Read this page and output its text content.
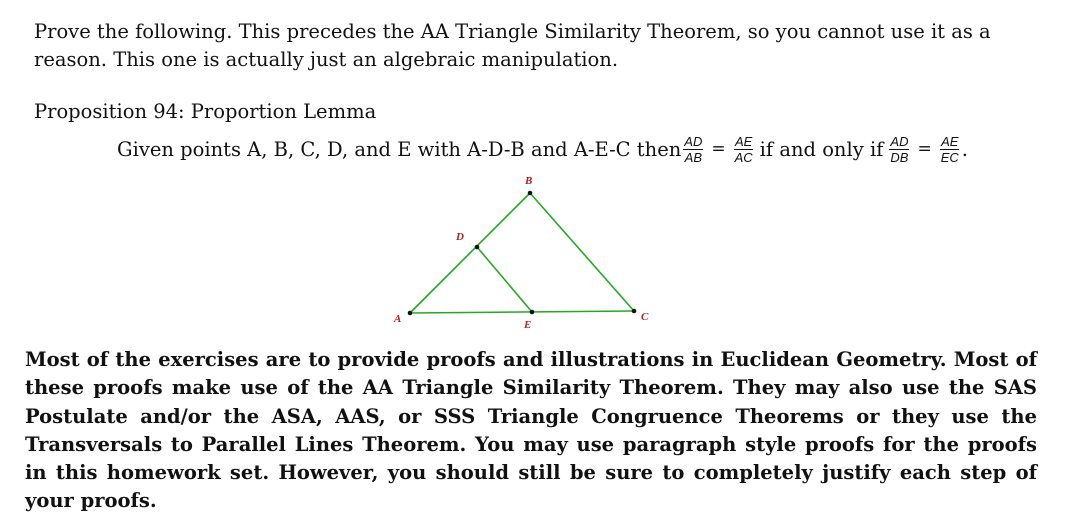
Prove the following. This precedes the AA Triangle Similarity Theorem, so you cannot use it as a
reason. This one is actually just an algebraic manipulation.
Proposition 94: Proportion Lemma
Given points A, B, C, D, and E with A-D-B and A-E-C then $\frac{AD}{AB} = \frac{AE}{AC}$ if and only if $\frac{AD}{DB} = \frac{AE}{EC}$ .
A
B
C
D
E
Most of the exercises are to provide proofs and illustrations in Euclidean Geometry. Most of these proofs make use of the AA Triangle Similarity Theorem. They may also use the SAS Postulate and/or the ASA, AAS, or SSS Triangle Congruence Theorems or they use the Transversals to Parallel Lines Theorem. You may use paragraph style proofs for the proofs in this homework set. However, you should still be sure to completely justify each step of your proofs.
